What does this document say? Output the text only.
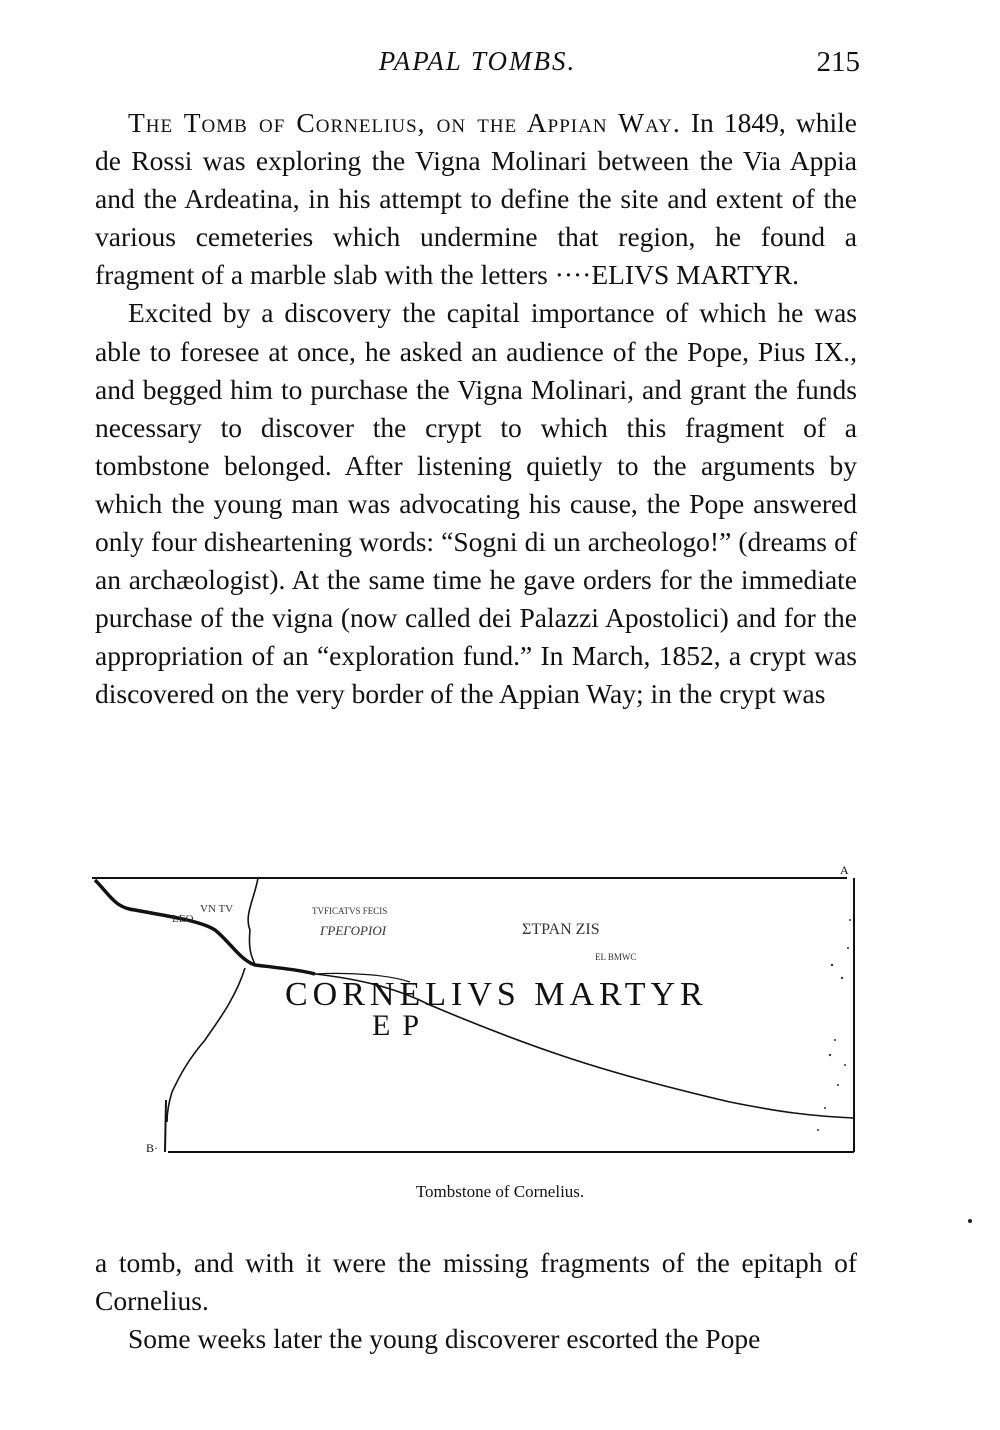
PAPAL TOMBS.	215

The Tomb of Cornelius, on the Appian Way. In 1849, while de Rossi was exploring the Vigna Molinari between the Via Appia and the Ardeatina, in his attempt to define the site and extent of the various cemeteries which undermine that region, he found a fragment of a marble slab with the letters ····ELIVS MARTYR.

Excited by a discovery the capital importance of which he was able to foresee at once, he asked an audience of the Pope, Pius IX., and begged him to purchase the Vigna Molinari, and grant the funds necessary to discover the crypt to which this fragment of a tombstone belonged. After listening quietly to the arguments by which the young man was advocating his cause, the Pope answered only four disheartening words: “Sogni di un archeologo!” (dreams of an archæologist). At the same time he gave orders for the immediate purchase of the vigna (now called dei Palazzi Apostolici) and for the appropriation of an “exploration fund.” In March, 1852, a crypt was discovered on the very border of the Appian Way; in the crypt was

LEO
VN TV	TVFICATVS FECIS
ΓΡΕΓΟΡΙΟΙ	ΣTPAN ZIS
EL BMWC
CORNELIVS MARTYR
EP
A
B·
Tombstone of Cornelius.

a tomb, and with it were the missing fragments of the epitaph of Cornelius.

Some weeks later the young discoverer escorted the Pope
